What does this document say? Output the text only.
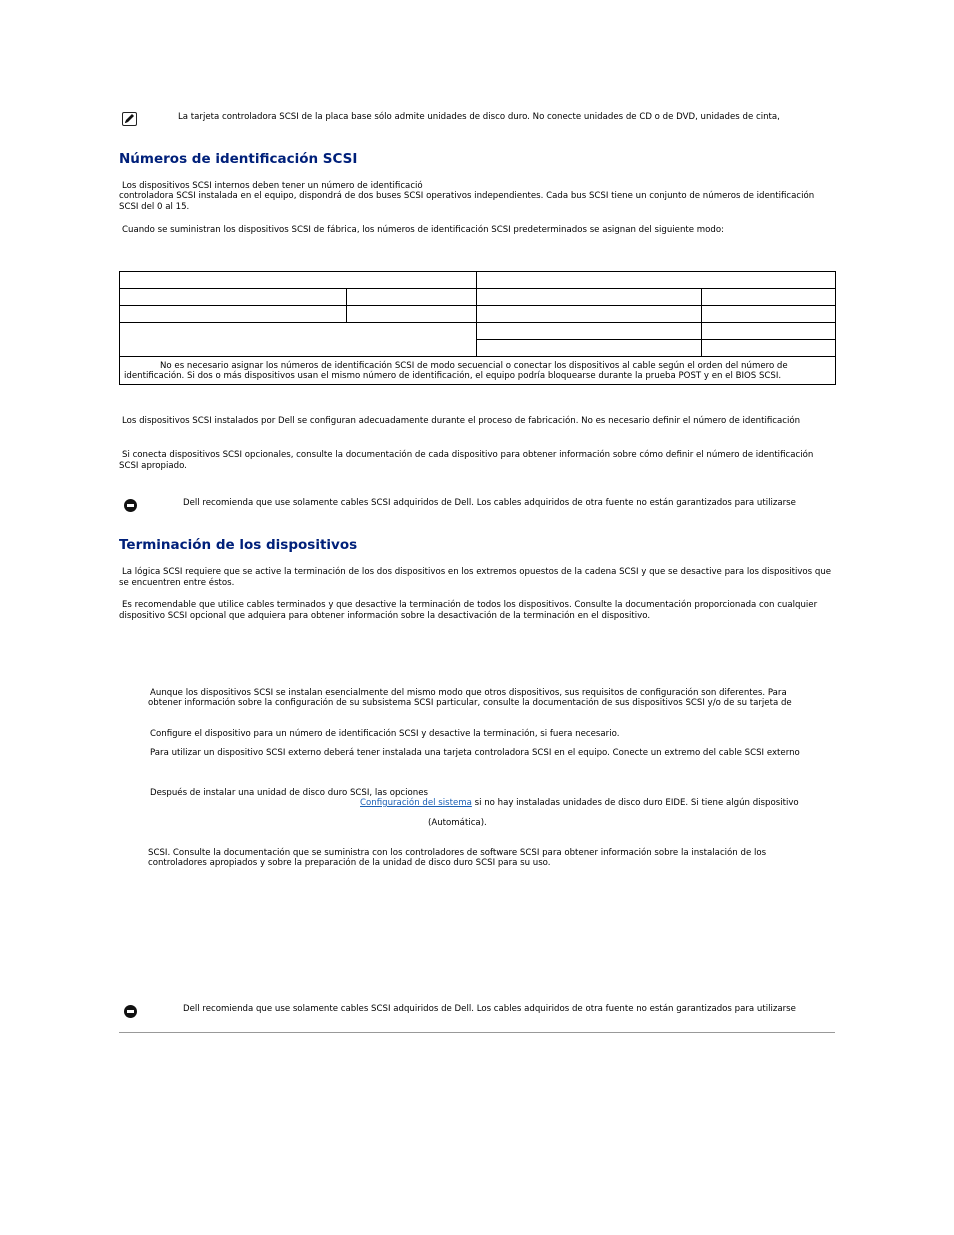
La tarjeta controladora SCSI de la placa base sólo admite unidades de disco duro. No conecte unidades de CD o de DVD, unidades de cinta,
Números de identificación SCSI
Los dispositivos SCSI internos deben tener un número de identificació
controladora SCSI instalada en el equipo, dispondrá de dos buses SCSI operativos independientes. Cada bus SCSI tiene un conjunto de números de identificación SCSI del 0 al 15.
Cuando se suministran los dispositivos SCSI de fábrica, los números de identificación SCSI predeterminados se asignan del siguiente modo:

No es necesario asignar los números de identificación SCSI de modo secuencial o conectar los dispositivos al cable según el orden del número de identificación. Si dos o más dispositivos usan el mismo número de identificación, el equipo podría bloquearse durante la prueba POST y en el BIOS SCSI.			
Los dispositivos SCSI instalados por Dell se configuran adecuadamente durante el proceso de fabricación. No es necesario definir el número de identificación
Si conecta dispositivos SCSI opcionales, consulte la documentación de cada dispositivo para obtener información sobre cómo definir el número de identificación SCSI apropiado.
Dell recomienda que use solamente cables SCSI adquiridos de Dell. Los cables adquiridos de otra fuente no están garantizados para utilizarse
Terminación de los dispositivos
La lógica SCSI requiere que se active la terminación de los dos dispositivos en los extremos opuestos de la cadena SCSI y que se desactive para los dispositivos que se encuentren entre éstos.
Es recomendable que utilice cables terminados y que desactive la terminación de todos los dispositivos. Consulte la documentación proporcionada con cualquier dispositivo SCSI opcional que adquiera para obtener información sobre la desactivación de la terminación en el dispositivo.
Aunque los dispositivos SCSI se instalan esencialmente del mismo modo que otros dispositivos, sus requisitos de configuración son diferentes. Para
obtener información sobre la configuración de su subsistema SCSI particular, consulte la documentación de sus dispositivos SCSI y/o de su tarjeta de
Configure el dispositivo para un número de identificación SCSI y desactive la terminación, si fuera necesario.
Para utilizar un dispositivo SCSI externo deberá tener instalada una tarjeta controladora SCSI en el equipo. Conecte un extremo del cable SCSI externo
Después de instalar una unidad de disco duro SCSI, las opciones
Configuración del sistema si no hay instaladas unidades de disco duro EIDE. Si tiene algún dispositivo
(Automática).
SCSI. Consulte la documentación que se suministra con los controladores de software SCSI para obtener información sobre la instalación de los
controladores apropiados y sobre la preparación de la unidad de disco duro SCSI para su uso.
Dell recomienda que use solamente cables SCSI adquiridos de Dell. Los cables adquiridos de otra fuente no están garantizados para utilizarse
